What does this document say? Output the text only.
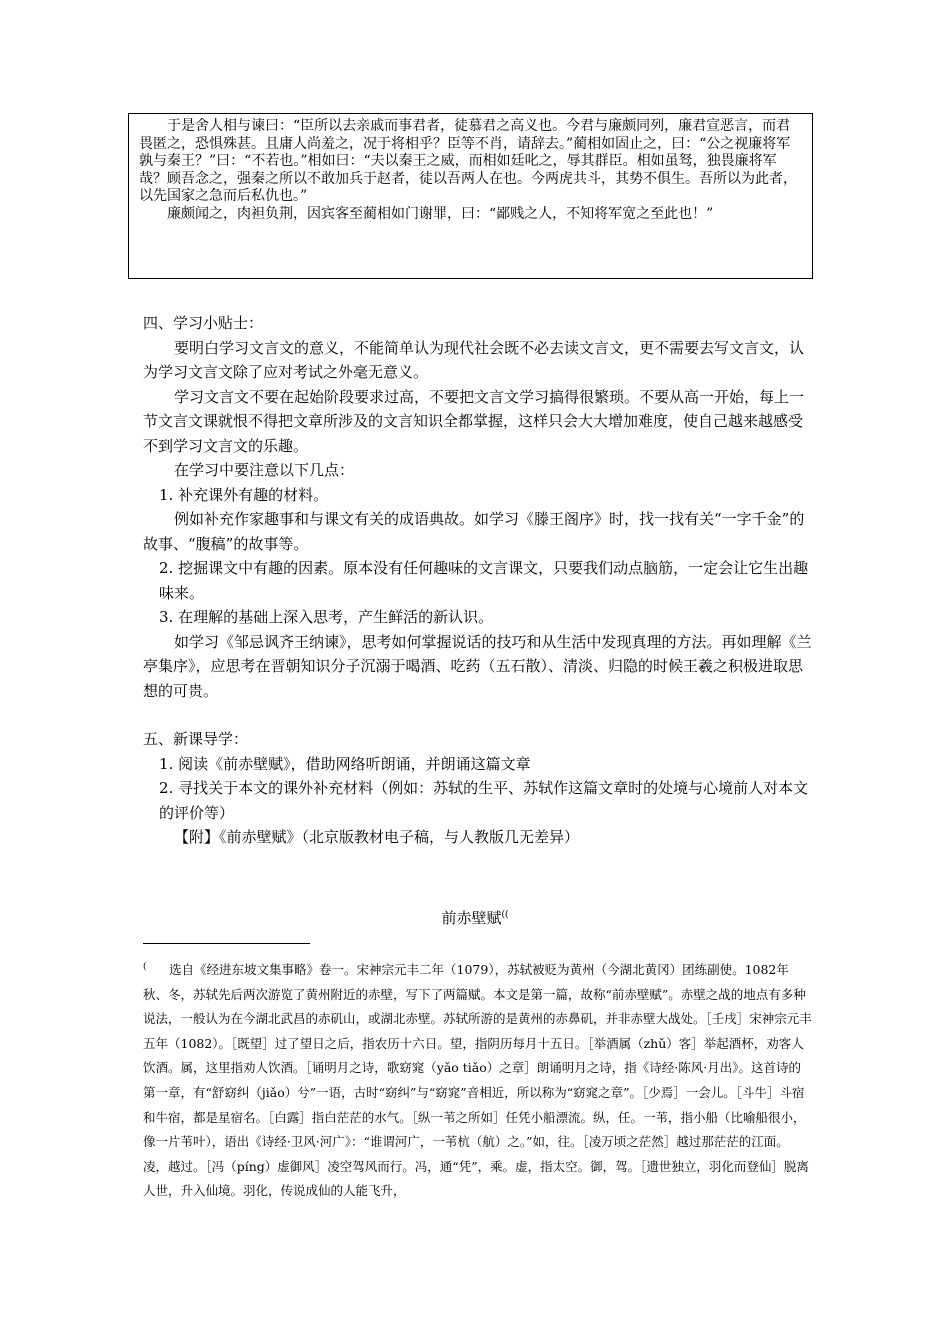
于是舍人相与谏曰：“臣所以去亲戚而事君者，徒慕君之高义也。今君与廉颇同列，廉君宣恶言，而君畏匿之，恐惧殊甚。且庸人尚羞之，况于将相乎？臣等不肖，请辞去。”蔺相如固止之，曰：“公之视廉将军孰与秦王？”曰：“不若也。”相如曰：“夫以秦王之威，而相如廷叱之，辱其群臣。相如虽驽，独畏廉将军哉？顾吾念之，强秦之所以不敢加兵于赵者，徒以吾两人在也。今两虎共斗，其势不俱生。吾所以为此者，以先国家之急而后私仇也。”

廉颇闻之，肉袒负荆，因宾客至蔺相如门谢罪，曰：“鄙贱之人，不知将军宽之至此也！”

四、学习小贴士：

要明白学习文言文的意义，不能简单认为现代社会既不必去读文言文，更不需要去写文言文，认为学习文言文除了应对考试之外毫无意义。

学习文言文不要在起始阶段要求过高，不要把文言文学习搞得很繁琐。不要从高一开始，每上一节文言文课就恨不得把文章所涉及的文言知识全都掌握，这样只会大大增加难度，使自己越来越感受不到学习文言文的乐趣。

在学习中要注意以下几点：

1. 补充课外有趣的材料。

例如补充作家趣事和与课文有关的成语典故。如学习《滕王阁序》时，找一找有关“一字千金”的故事、“腹稿”的故事等。

2. 挖掘课文中有趣的因素。原本没有任何趣味的文言课文，只要我们动点脑筋，一定会让它生出趣味来。

3. 在理解的基础上深入思考，产生鲜活的新认识。

如学习《邹忌讽齐王纳谏》，思考如何掌握说话的技巧和从生活中发现真理的方法。再如理解《兰亭集序》，应思考在晋朝知识分子沉溺于喝酒、吃药（五石散）、清淡、归隐的时候王羲之积极进取思想的可贵。

五、新课导学：

1. 阅读《前赤壁赋》，借助网络听朗诵，并朗诵这篇文章

2. 寻找关于本文的课外补充材料（例如：苏轼的生平、苏轼作这篇文章时的处境与心境前人对本文的评价等）

【附】《前赤壁赋》（北京版教材电子稿，与人教版几无差异）

前赤壁赋((

( 选自《经进东坡文集事略》卷一。宋神宗元丰二年（1079），苏轼被贬为黄州（今湖北黄冈）团练副使。1082年秋、冬，苏轼先后两次游览了黄州附近的赤壁，写下了两篇赋。本文是第一篇，故称“前赤壁赋”。赤壁之战的地点有多种说法，一般认为在今湖北武昌的赤矶山，或湖北赤壁。苏轼所游的是黄州的赤鼻矶，并非赤壁大战处。［壬戌］宋神宗元丰五年（1082）。［既望］过了望日之后，指农历十六日。望，指阴历每月十五日。［举酒属（zhǔ）客］举起酒杯，劝客人饮酒。属，这里指劝人饮酒。［诵明月之诗，歌窈窕（yǎo tiǎo）之章］朗诵明月之诗，指《诗经·陈风·月出》。这首诗的第一章，有“舒窈纠（jiǎo）兮”一语，古时“窈纠”与“窈窕”音相近，所以称为“窈窕之章”。［少焉］一会儿。［斗牛］斗宿和牛宿，都是星宿名。［白露］指白茫茫的水气。［纵一苇之所如］任凭小船漂流。纵，任。一苇，指小船（比喻船很小，像一片苇叶），语出《诗经·卫风·河广》：“谁谓河广，一苇杭（航）之。”如，往。［凌万顷之茫然］越过那茫茫的江面。凌，越过。［冯（píng）虚御风］凌空驾风而行。冯，通“凭”，乘。虚，指太空。御，驾。［遗世独立，羽化而登仙］脱离人世，升入仙境。羽化，传说成仙的人能飞升，
